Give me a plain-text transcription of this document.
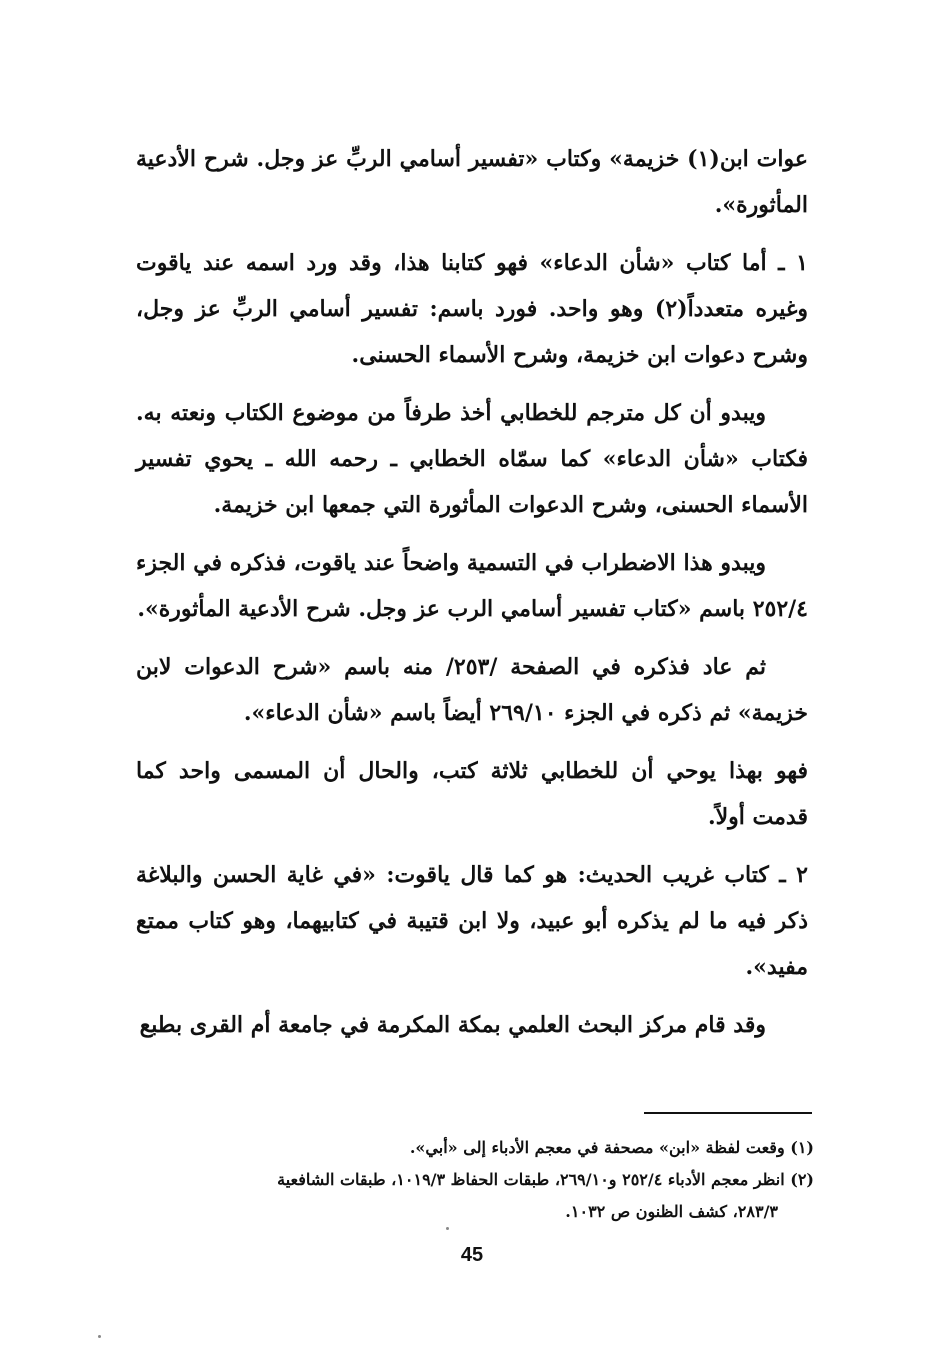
عوات ابن(١) خزيمة» وكتاب «تفسير أسامي الربِّ عز وجل. شرح الأدعية المأثورة».

١ ـ أما كتاب «شأن الدعاء» فهو كتابنا هذا، وقد ورد اسمه عند ياقوت وغيره متعدداً(٢) وهو واحد. فورد باسم: تفسير أسامي الربِّ عز وجل، وشرح دعوات ابن خزيمة، وشرح الأسماء الحسنى.

ويبدو أن كل مترجم للخطابي أخذ طرفاً من موضوع الكتاب ونعته به. فكتاب «شأن الدعاء» كما سمّاه الخطابي ـ رحمه الله ـ يحوي تفسير الأسماء الحسنى، وشرح الدعوات المأثورة التي جمعها ابن خزيمة.

ويبدو هذا الاضطراب في التسمية واضحاً عند ياقوت، فذكره في الجزء ٢٥٢/٤ باسم «كتاب تفسير أسامي الرب عز وجل. شرح الأدعية المأثورة».

ثم عاد فذكره في الصفحة /٢٥٣/ منه باسم «شرح الدعوات لابن خزيمة» ثم ذكره في الجزء ٢٦٩/١٠ أيضاً باسم «شأن الدعاء».

فهو بهذا يوحي أن للخطابي ثلاثة كتب، والحال أن المسمى واحد كما قدمت أولاً.

٢ ـ كتاب غريب الحديث: هو كما قال ياقوت: «في غاية الحسن والبلاغة ذكر فيه ما لم يذكره أبو عبيد، ولا ابن قتيبة في كتابيهما، وهو كتاب ممتع مفيد».

وقد قام مركز البحث العلمي بمكة المكرمة في جامعة أم القرى بطبع

(١) وقعت لفظة «ابن» مصحفة في معجم الأدباء إلى «أبي».

(٢) انظر معجم الأدباء ٢٥٢/٤ و٢٦٩/١٠، طبقات الحفاظ ١٠١٩/٣، طبقات الشافعية

٢٨٣/٣، كشف الظنون ص ١٠٣٢.

45
